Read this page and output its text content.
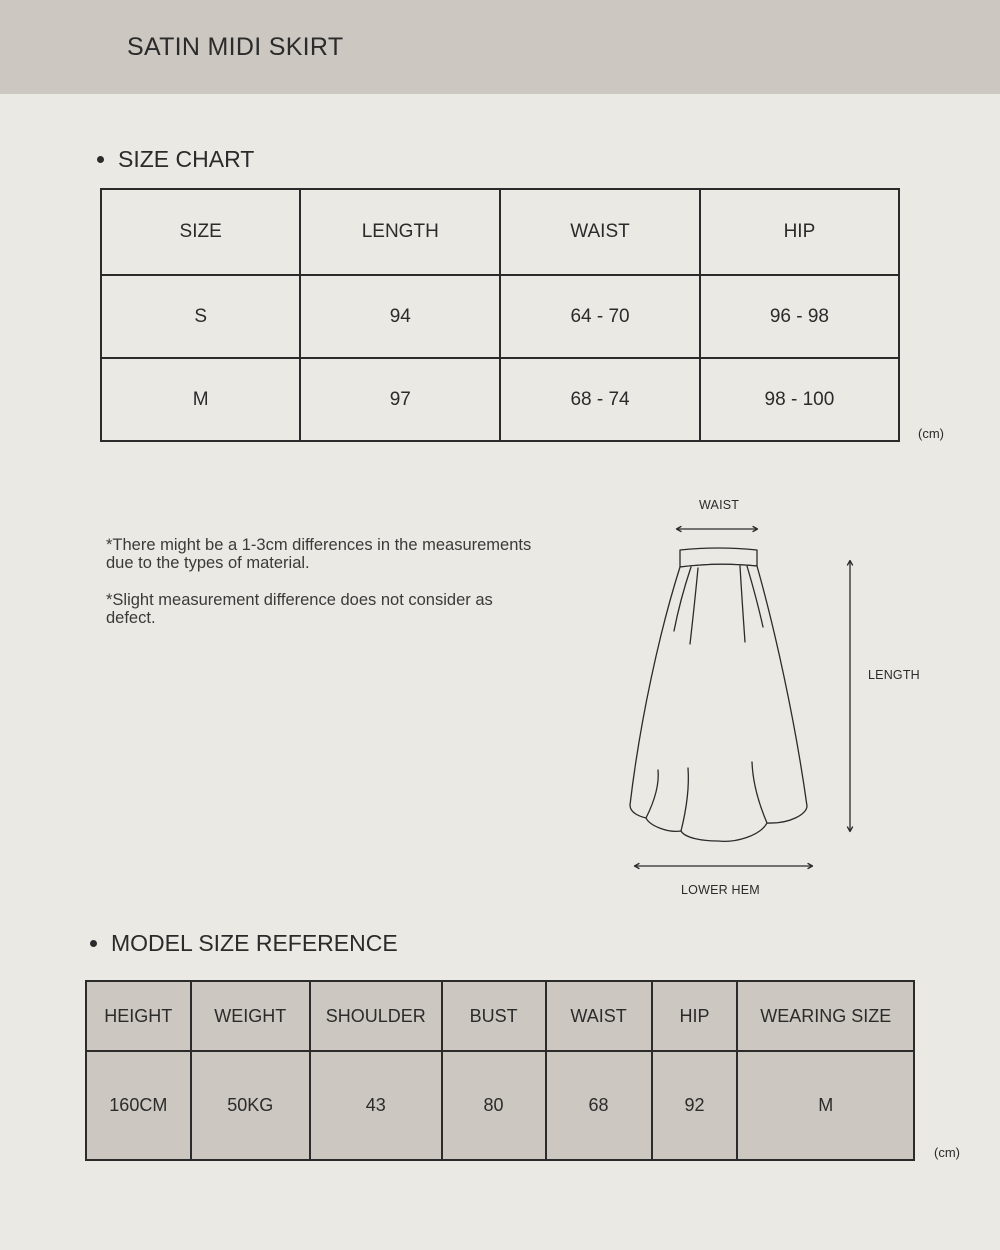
SATIN MIDI SKIRT
SIZE CHART
SIZE	LENGTH	WAIST	HIP
S	94	64 - 70	96 - 98
M	97	68 - 74	98 - 100
(cm)

*There might be a 1-3cm differences in the measurements due to the types of material.

*Slight measurement difference does not consider as defect.

WAIST
LENGTH
LOWER HEM
MODEL SIZE REFERENCE
HEIGHT	WEIGHT	SHOULDER	BUST	WAIST	HIP	WEARING SIZE
160CM	50KG	43	80	68	92	M
(cm)
